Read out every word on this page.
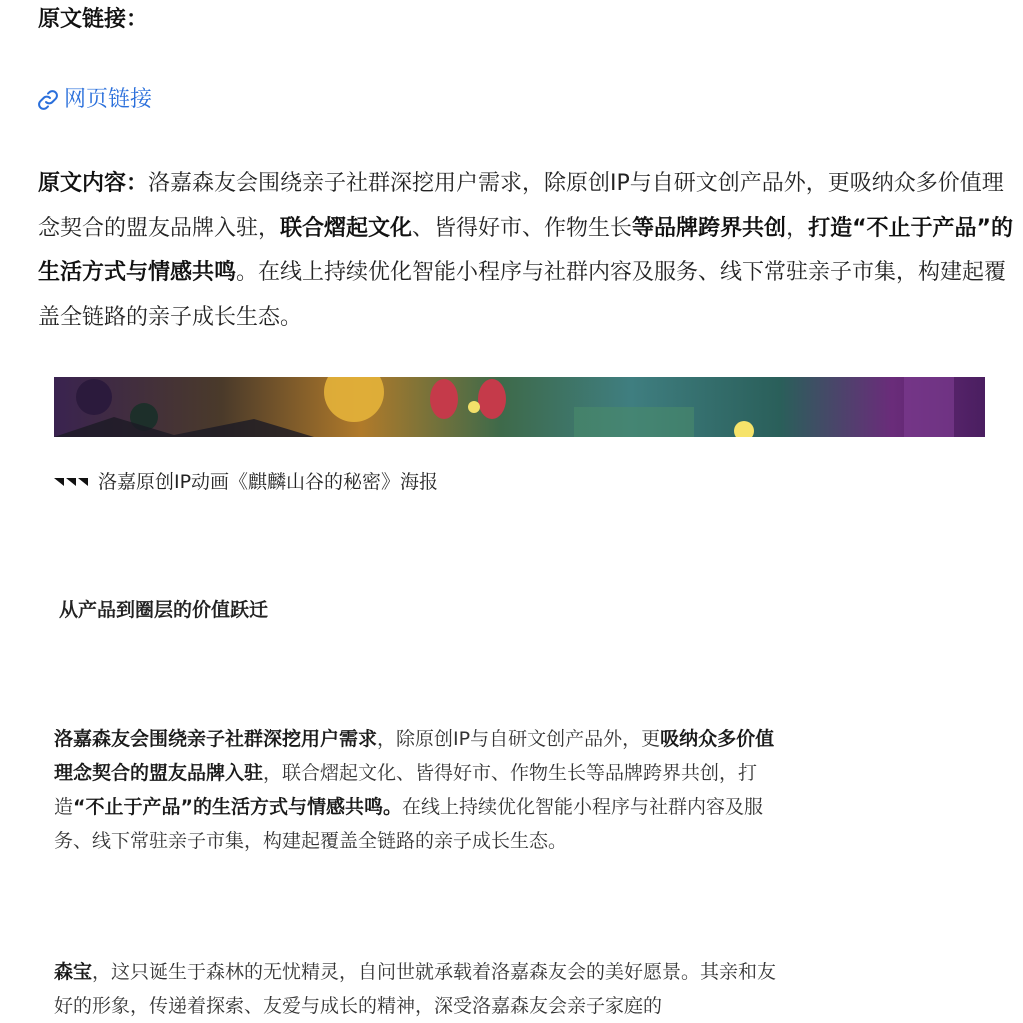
原文链接：
网页链接

原文内容：洛嘉森友会围绕亲子社群深挖用户需求，除原创IP与自研文创产品外，更吸纳众多价值理念契合的盟友品牌入驻，联合熠起文化、皆得好市、作物生长等品牌跨界共创，打造“不止于产品”的生活方式与情感共鸣。在线上持续优化智能小程序与社群内容及服务、线下常驻亲子市集，构建起覆盖全链路的亲子成长生态。

洛嘉原创IP动画《麒麟山谷的秘密》海报

从产品到圈层的价值跃迁

洛嘉森友会围绕亲子社群深挖用户需求，除原创IP与自研文创产品外，更吸纳众多价值理念契合的盟友品牌入驻，联合熠起文化、皆得好市、作物生长等品牌跨界共创，打造“不止于产品”的生活方式与情感共鸣。在线上持续优化智能小程序与社群内容及服务、线下常驻亲子市集，构建起覆盖全链路的亲子成长生态。

森宝，这只诞生于森林的无忧精灵，自问世就承载着洛嘉森友会的美好愿景。其亲和友好的形象，传递着探索、友爱与成长的精神，深受洛嘉森友会亲子家庭的
